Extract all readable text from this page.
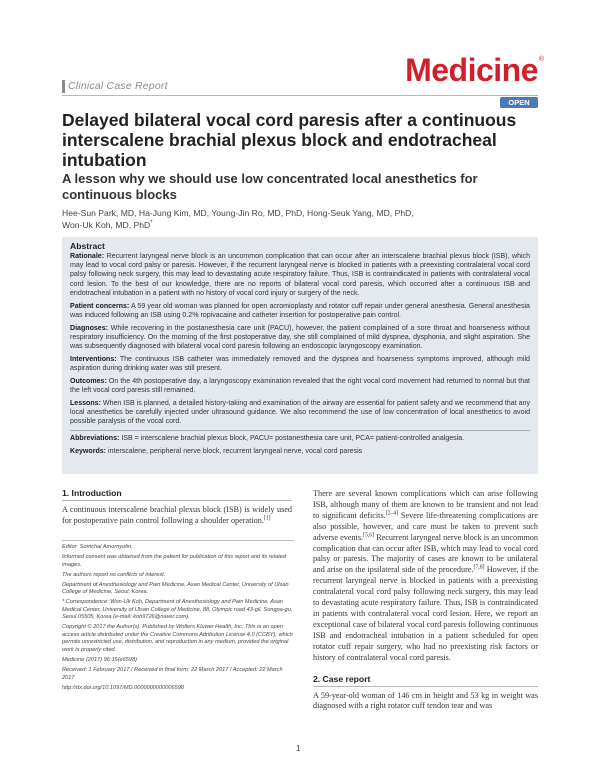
Clinical Case Report	Medicine ®
OPEN
Delayed bilateral vocal cord paresis after a continuous interscalene brachial plexus block and endotracheal intubation
A lesson why we should use low concentrated local anesthetics for continuous blocks
Hee-Sun Park, MD, Ha-Jung Kim, MD, Young-Jin Ro, MD, PhD, Hong-Seuk Yang, MD, PhD,
Won-Uk Koh, MD, PhD*
Abstract
Rationale: Recurrent laryngeal nerve block is an uncommon complication that can occur after an interscalene brachial plexus block (ISB), which may lead to vocal cord palsy or paresis. However, if the recurrent laryngeal nerve is blocked in patients with a preexisting contralateral vocal cord palsy following neck surgery, this may lead to devastating acute respiratory failure. Thus, ISB is contraindicated in patients with contralateral vocal cord lesion. To the best of our knowledge, there are no reports of bilateral vocal cord paresis, which occurred after a continuous ISB and endotracheal intubation in a patient with no history of vocal cord injury or surgery of the neck.
Patient concerns: A 59 year old woman was planned for open acromioplasty and rotator cuff repair under general anesthesia. General anesthesia was induced following an ISB using 0.2% ropivacaine and catheter insertion for postoperative pain control.
Diagnoses: While recovering in the postanesthesia care unit (PACU), however, the patient complained of a sore throat and hoarseness without respiratory insufficiency. On the morning of the first postoperative day, she still complained of mild dyspnea, dysphonia, and slight aspiration. She was subsequently diagnosed with bilateral vocal cord paresis following an endoscopic laryngoscopy examination.
Interventions: The continuous ISB catheter was immediately removed and the dyspnea and hoarseness symptoms improved, although mild aspiration during drinking water was still present.
Outcomes: On the 4th postoperative day, a laryngoscopy examination revealed that the right vocal cord movement had returned to normal but that the left vocal cord paresis still remained.
Lessons: When ISB is planned, a detailed history-taking and examination of the airway are essential for patient safety and we recommend that any local anesthetics be carefully injected under ultrasound guidance. We also recommend the use of low concentration of local anesthetics to avoid possible paralysis of the vocal cord.
Abbreviations: ISB = interscalene brachial plexus block, PACU= postanesthesia care unit, PCA= patient-controlled analgesia.
Keywords: interscalene, peripheral nerve block, recurrent laryngeal nerve, vocal cord paresis
1. Introduction
A continuous interscalene brachial plexus block (ISB) is widely used for postoperative pain control following a shoulder operation.[1]
Editor: Somchai Amornyotin.
Informed consent was obtained from the patient for publication of this report and its related images.
The authors report no conflicts of interest.
Department of Anesthesiology and Pain Medicine, Asan Medical Center, University of Ulsan College of Medicine, Seoul, Korea.
* Correspondence: Won-Uk Koh, Department of Anesthesiology and Pain Medicine, Asan Medical Center, University of Ulsan College of Medicine, 88, Olympic road 43-gil, Songpa-gu, Seoul 05505, Korea (e-mail: koh9726@naver.com).
Copyright © 2017 the Author(s). Published by Wolters Kluwer Health, Inc. This is an open access article distributed under the Creative Commons Attribution License 4.0 (CCBY), which permits unrestricted use, distribution, and reproduction in any medium, provided the original work is properly cited.
Medicine (2017) 96:15(e6598)
Received: 1 February 2017 / Received in final form: 22 March 2017 / Accepted: 22 March 2017
http://dx.doi.org/10.1097/MD.0000000000006598
There are several known complications which can arise following ISB, although many of them are known to be transient and not lead to significant deficits.[2–4] Severe life-threatening complications are also possible, however, and care must be taken to prevent such adverse events.[5,6] Recurrent laryngeal nerve block is an uncommon complication that can occur after ISB, which may lead to vocal cord palsy or paresis. The majority of cases are known to be unilateral and arise on the ipsilateral side of the procedure.[7,8] However, if the recurrent laryngeal nerve is blocked in patients with a preexisting contralateral vocal cord palsy following neck surgery, this may lead to devastating acute respiratory failure. Thus, ISB is contraindicated in patients with contralateral vocal cord lesion. Here, we report an exceptional case of bilateral vocal cord paresis following continuous ISB and endotracheal intubation in a patient scheduled for open rotator cuff repair surgery, who had no preexisting risk factors or history of contralateral vocal cord paresis.
2. Case report
A 59-year-old woman of 146 cm in height and 53 kg in weight was diagnosed with a right rotator cuff tendon tear and was
1
